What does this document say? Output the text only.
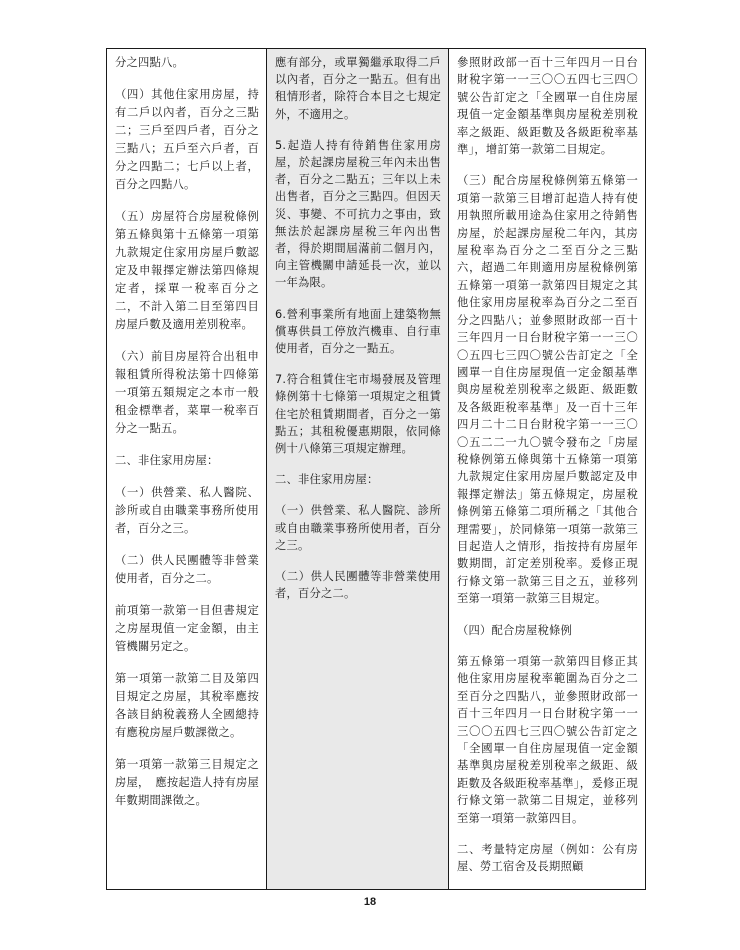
分之四點八。

（四）其他住家用房屋，持有二戶以內者，百分之三點二；三戶至四戶者，百分之三點八；五戶至六戶者，百分之四點二；七戶以上者，百分之四點八。

（五）房屋符合房屋稅條例第五條與第十五條第一項第九款規定住家用房屋戶數認定及申報擇定辦法第四條規定者，採單一稅率百分之二，不計入第二目至第四目房屋戶數及適用差別稅率。

（六）前目房屋符合出租申報租賃所得稅法第十四條第一項第五類規定之本市一般租金標準者，菜單一稅率百分之一點五。

二、非住家用房屋：

（一）供營業、私人醫院、診所或自由職業事務所使用者，百分之三。

（二）供人民團體等非營業使用者，百分之二。

前項第一款第一目但書規定之房屋現值一定金額，由主管機關另定之。

第一項第一款第二目及第四目規定之房屋，其稅率應按各該目納稅義務人全國總持有應稅房屋戶數課徵之。

第一項第一款第三目規定之房屋，　應按起造人持有房屋年數期間課徵之。

應有部分，或單獨繼承取得二戶以內者，百分之一點五。但有出租情形者，除符合本目之七規定外，不適用之。

5.起造人持有待銷售住家用房屋，於起課房屋稅三年內未出售者，百分之二點五；三年以上未出售者，百分之三點四。但因天災、事變、不可抗力之事由，致無法於起課房屋稅三年內出售者，得於期間屆滿前二個月內，向主管機關申請延長一次，並以一年為限。

6.營利事業所有地面上建築物無償專供員工停放汽機車、自行車使用者，百分之一點五。

7.符合租賃住宅市場發展及管理條例第十七條第一項規定之租賃住宅於租賃期間者，百分之一第點五；其租稅優惠期限，依同條例十八條第三項規定辦理。

二、非住家用房屋：

（一）供營業、私人醫院、診所或自由職業事務所使用者，百分之三。

（二）供人民團體等非營業使用者，百分之二。

參照財政部一百十三年四月一日台財稅字第一一三〇〇五四七三四〇號公告訂定之「全國單一自住房屋現值一定金額基準與房屋稅差別稅率之級距、級距數及各級距稅率基準」，增訂第一款第二目規定。

（三）配合房屋稅條例第五條第一項第一款第三目增訂起造人持有使用執照所載用途為住家用之待銷售房屋，於起課房屋稅二年內，其房屋稅率為百分之二至百分之三點六，超過二年則適用房屋稅條例第五條第一項第一款第四目規定之其他住家用房屋稅率為百分之二至百分之四點八；並參照財政部一百十三年四月一日台財稅字第一一三〇〇五四七三四〇號公告訂定之「全國單一自住房屋現值一定金額基準與房屋稅差別稅率之級距、級距數及各級距稅率基準」及一百十三年四月二十二日台財稅字第一一三〇〇五二二一九〇號令發布之「房屋稅條例第五條與第十五條第一項第九款規定住家用房屋戶數認定及申報擇定辦法」第五條規定，房屋稅條例第五條第二項所稱之「其他合理需要」，於同條第一項第一款第三目起造人之情形，指按持有房屋年數期間，訂定差別稅率。爰修正現行條文第一款第三目之五，並移列至第一項第一款第三目規定。

（四）配合房屋稅條例

第五條第一項第一款第四目修正其他住家用房屋稅率範圍為百分之二至百分之四點八，並參照財政部一百十三年四月一日台財稅字第一一三〇〇五四七三四〇號公告訂定之「全國單一自住房屋現值一定金額基準與房屋稅差別稅率之級距、級距數及各級距稅率基準」，爰修正現行條文第一款第二目規定，並移列至第一項第一款第四目。

二、考量特定房屋（例如：公有房屋、勞工宿舍及長期照顧

18
